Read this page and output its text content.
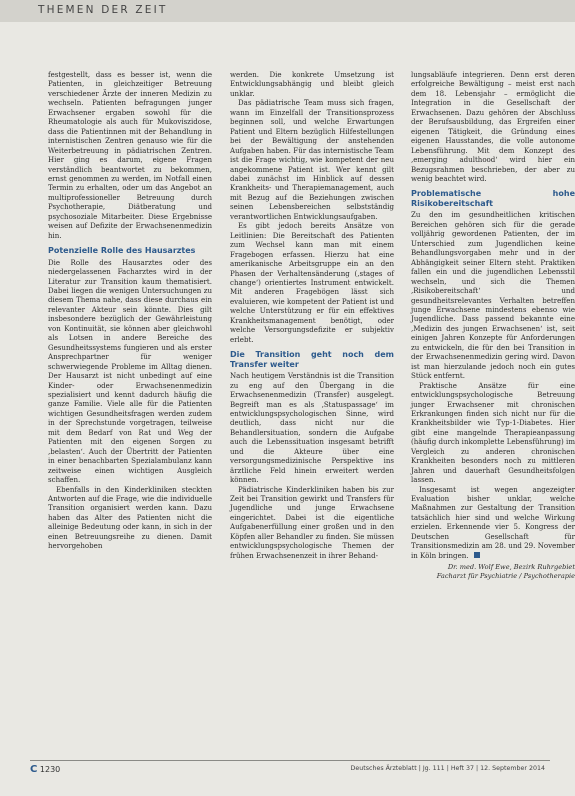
THEMEN DER ZEIT

festgestellt, dass es besser ist, wenn die Patienten, in gleichzeitiger Betreuung verschiedener Ärzte der inneren Medizin zu wechseln. Patienten befragungen junger Erwachsener ergaben sowohl für die Rheumatologie als auch für Mukoviszidose, dass die Patientinnen mit der Behandlung in internistischen Zentren genauso wie für die Weiterbetreuung in pädiatrischen Zentren. Hier ging es darum, eigene Fragen verständlich beantwortet zu bekommen, ernst genommen zu werden, im Notfall einen Termin zu erhalten, oder um das Angebot an multiprofessioneller Betreuung durch Psychotherapie, Diätberatung und psychosoziale Mitarbeiter. Diese Ergebnisse weisen auf Defizite der Erwachsenenmedizin hin.

Potenzielle Rolle des Hausarztes

Die Rolle des Hausarztes oder des niedergelassenen Facharztes wird in der Literatur zur Transition kaum thematisiert. Dabei liegen die wenigen Untersuchungen zu diesem Thema nahe, dass diese durchaus ein relevanter Akteur sein könnte. Dies gilt insbesondere bezüglich der Gewährleistung von Kontinuität, sie können aber gleichwohl als Lotsen in andere Bereiche des Gesundheitssystems fungieren und als erster Ansprechpartner für weniger schwerwiegende Probleme im Alltag dienen. Der Hausarzt ist nicht unbedingt auf eine Kinder- oder Erwachsenenmedizin spezialisiert und kennt dadurch häufig die ganze Familie. Viele alle für die Patienten wichtigen Gesundheitsfragen werden zudem in der Sprechstunde vorgetragen, teilweise mit dem Bedarf von Rat und Weg der Patienten mit den eigenen Sorgen zu ‚belasten‘. Auch der Übertritt der Patienten in einer benachbarten Spezialambulanz kann zeitweise einen wichtigen Ausgleich schaffen.

Ebenfalls in den Kinderkliniken steckten Antworten auf die Frage, wie die individuelle Transition organisiert werden kann. Dazu haben das Alter des Patienten nicht die alleinige Bedeutung oder kann, in sich in der einen Betreuungsreihe zu dienen. Damit hervorgehoben

werden. Die konkrete Umsetzung ist Entwicklungsabhängig und bleibt gleich unklar.

Das pädiatrische Team muss sich fragen, wann im Einzelfall der Transitionsprozess beginnen soll, und welche Erwartungen Patient und Eltern bezüglich Hilfestellungen bei der Bewältigung der anstehenden Aufgaben haben. Für das internistische Team ist die Frage wichtig, wie kompetent der neu angekommene Patient ist. Wer kennt gilt dabei zunächst im Hinblick auf dessen Krankheits- und Therapiemanagement, auch mit Bezug auf die Beziehungen zwischen seinen Lebensbereichen selbstständig verantwortlichen Entwicklungsaufgaben.

Es gibt jedoch bereits Ansätze von Leitlinien: Die Bereitschaft des Patienten zum Wechsel kann man mit einem Fragebogen erfassen. Hierzu hat eine amerikanische Arbeitsgruppe ein an den Phasen der Verhaltensänderung (‚stages of change‘) orientiertes Instrument entwickelt. Mit anderen Fragebögen lässt sich evaluieren, wie kompetent der Patient ist und welche Unterstützung er für ein effektives Krankheitsmanagement benötigt, oder welche Versorgungsdefizite er subjektiv erlebt.

Die Transition geht noch dem Transfer weiter

Nach heutigem Verständnis ist die Transition zu eng auf den Übergang in die Erwachsenenmedizin (Transfer) ausgelegt. Begreift man es als ‚Statuspassage‘ im entwicklungspsychologischen Sinne, wird deutlich, dass nicht nur die Behandlersituation, sondern die Aufgabe auch die Lebenssituation insgesamt betrifft und die Akteure über eine versorgungsmedizinische Perspektive ins ärztliche Feld hinein erweitert werden können.

Pädiatrische Kinderkliniken haben bis zur Zeit bei Transition gewirkt und Transfers für Jugendliche und junge Erwachsene eingerichtet. Dabei ist die eigentliche Aufgabenerfüllung einer großen und in den Köpfen aller Behandler zu finden. Sie müssen entwicklungspsychologische Themen der frühen Erwachsenenzeit in ihrer Behand-

lungsabläufe integrieren. Denn erst deren erfolgreiche Bewältigung – meist erst nach dem 18. Lebensjahr – ermöglicht die Integration in die Gesellschaft der Erwachsenen. Dazu gehören der Abschluss der Berufsausbildung, das Ergreifen einer eigenen Tätigkeit, die Gründung eines eigenen Hausstandes, die volle autonome Lebensführung. Mit dem Konzept des ‚emerging adulthood‘ wird hier ein Bezugsrahmen beschrieben, der aber zu wenig beachtet wird.

Problematische hohe Risikobereitschaft

Zu den im gesundheitlichen kritischen Bereichen gehören sich für die gerade volljährig gewordenen Patienten, der im Unterschied zum Jugendlichen keine Behandlungsvorgaben mehr und in der Abhängigkeit seiner Eltern steht. Praktiken fallen ein und die jugendlichen Lebensstil wechseln, und sich die Themen ‚Risikobereitschaft‘ und gesundheitsrelevantes Verhalten betreffen junge Erwachsene mindestens ebenso wie Jugendliche. Dass passend bekannte eine ‚Medizin des jungen Erwachsenen‘ ist, seit einigen Jahren Konzepte für Anforderungen zu entwickeln, die für den bei Transition in der Erwachsenenmedizin gering wird. Davon ist man hierzulande jedoch noch ein gutes Stück entfernt.

Praktische Ansätze für eine entwicklungspsychologische Betreuung junger Erwachsener mit chronischen Erkrankungen finden sich nicht nur für die Krankheitsbilder wie Typ-1-Diabetes. Hier gibt eine mangelnde Therapieanpassung (häufig durch inkomplette Lebensführung) im Vergleich zu anderen chronischen Krankheiten besonders noch zu mittleren Jahren und dauerhaft Gesundheitsfolgen lassen.

Insgesamt ist wegen angezeigter Evaluation bisher unklar, welche Maßnahmen zur Gestaltung der Transition tatsächlich hier sind und welche Wirkung erzielen. Erkennende vier 5. Kongress der Deutschen Gesellschaft für Transitionsmedizin am 28. und 29. November in Köln bringen.

Dr. med. Wolf Ewe, Bezirk Ruhrgebiet

Facharzt für Psychiatrie / Psychotherapie

C 1230	Deutsches Ärzteblatt | Jg. 111 | Heft 37 | 12. September 2014
